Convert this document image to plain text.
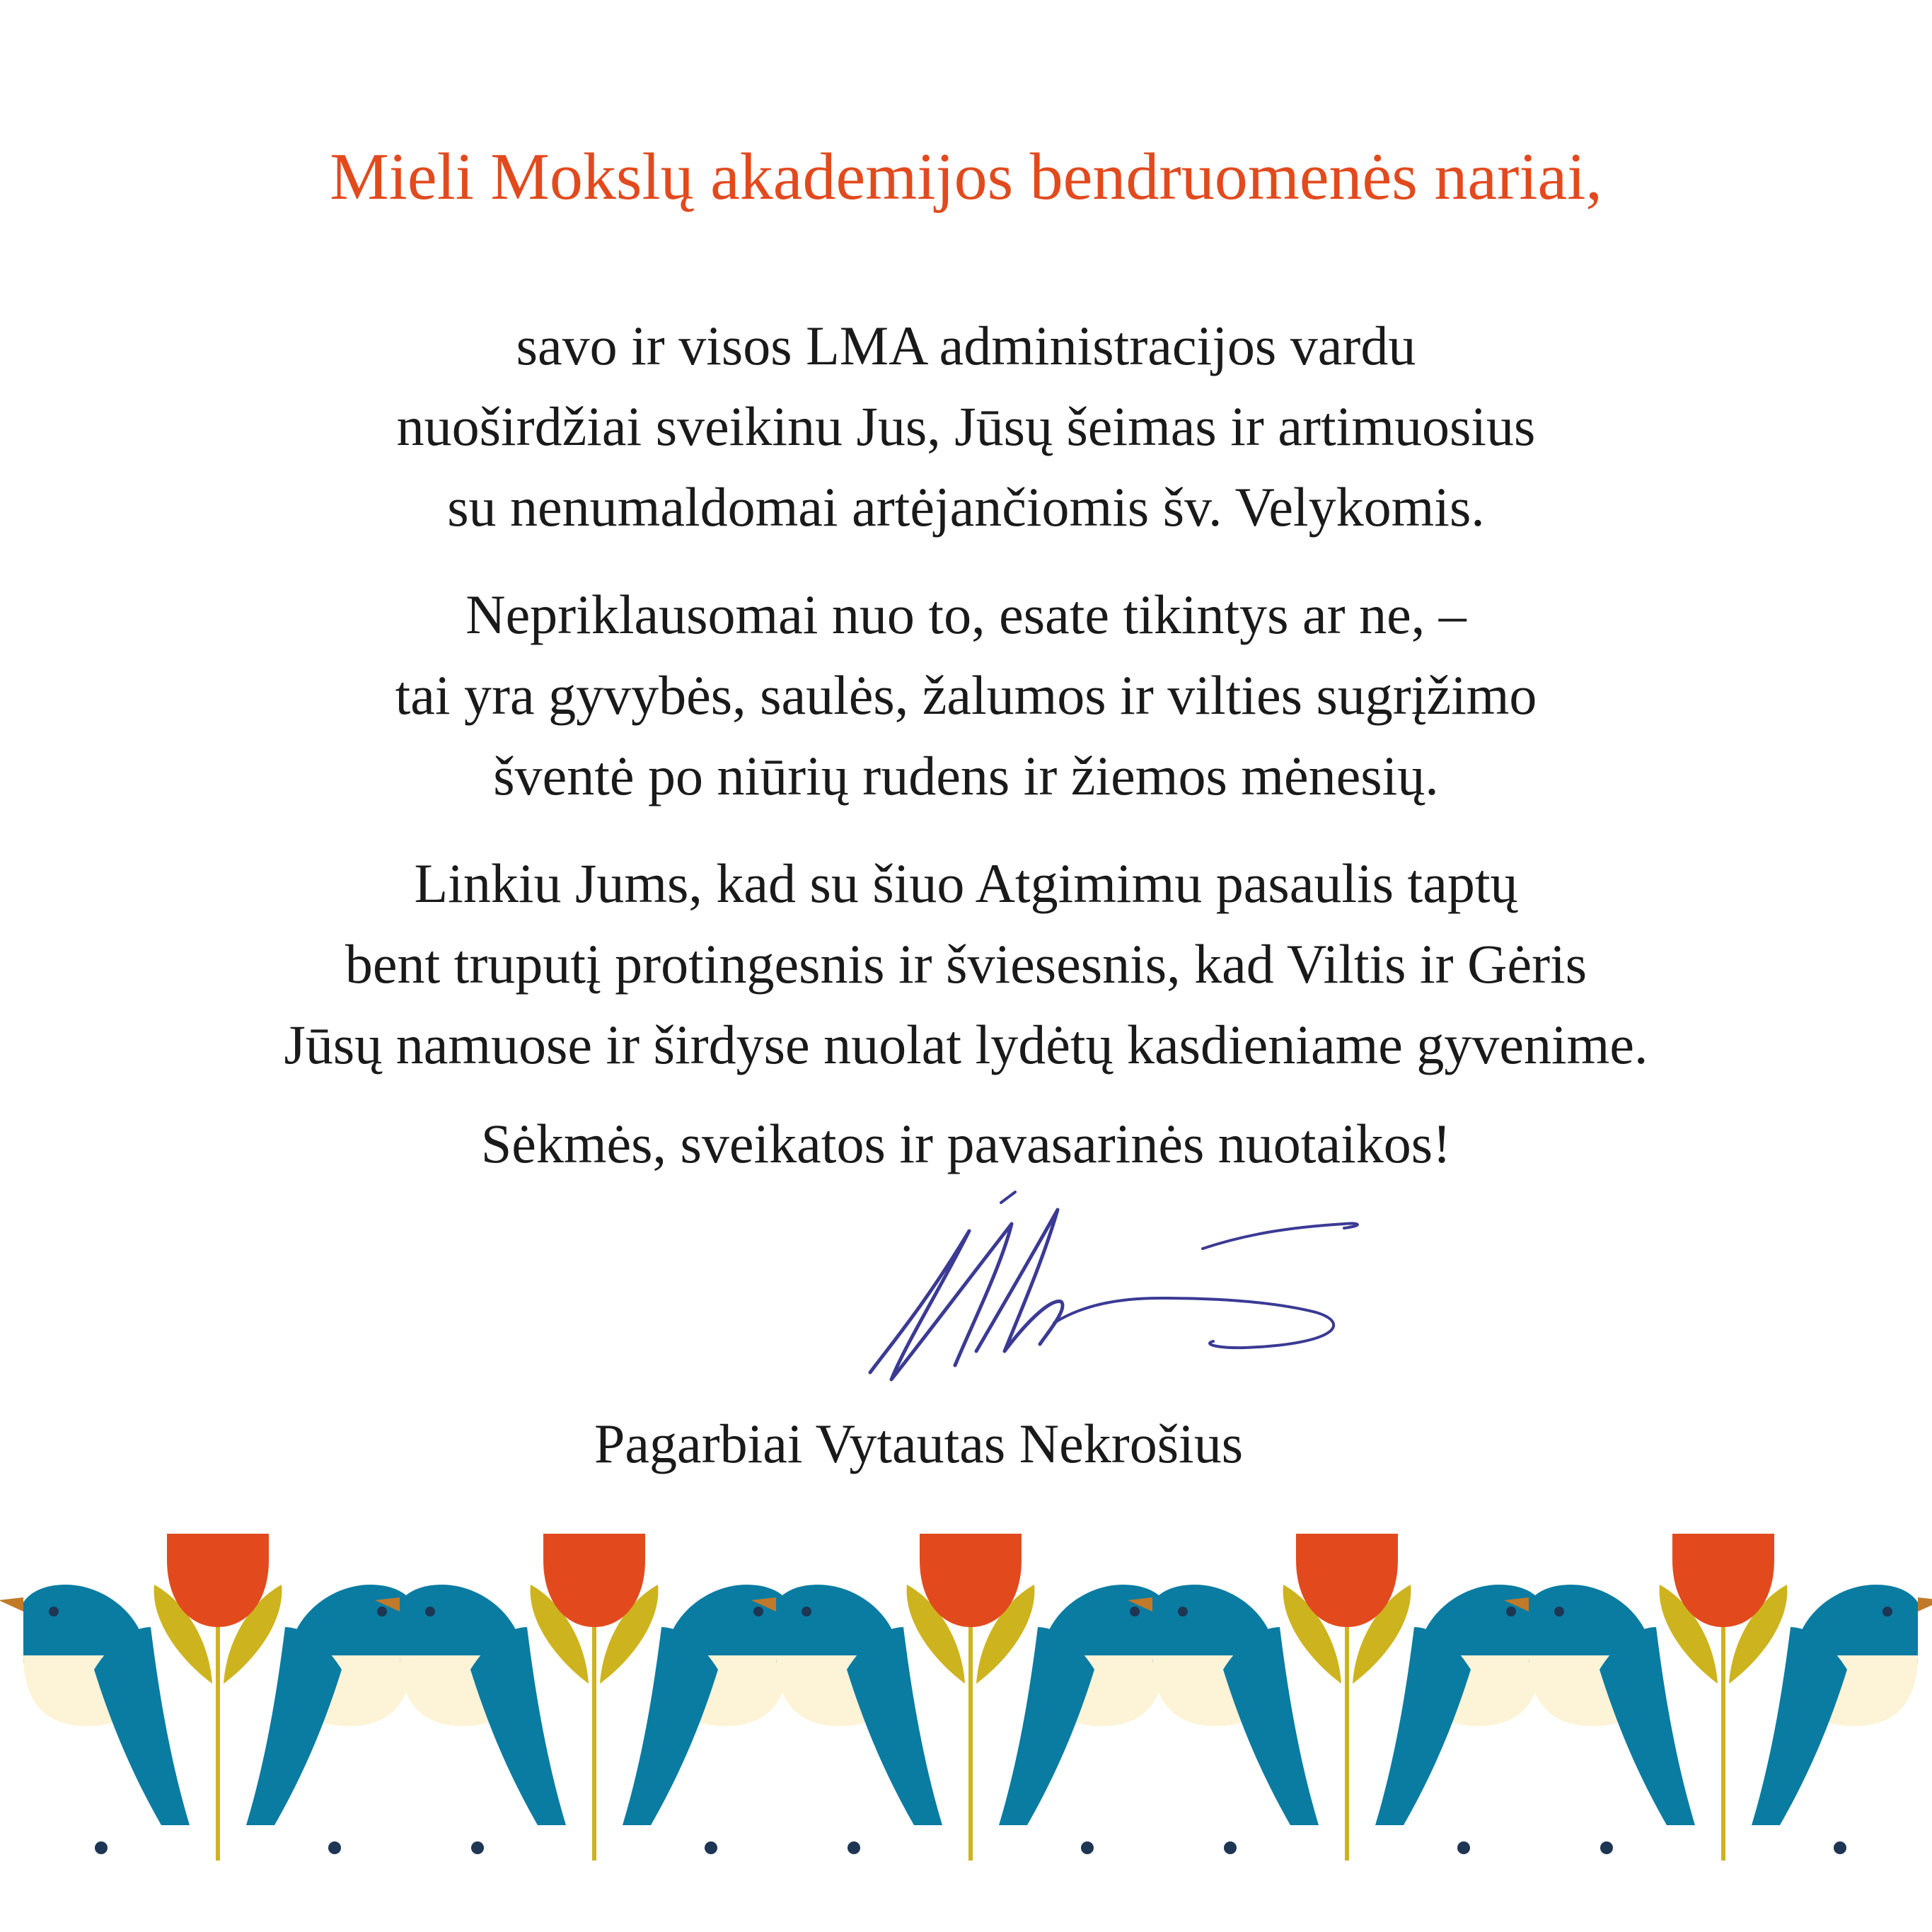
Mieli Mokslų akademijos bendruomenės nariai,

savo ir visos LMA administracijos vardu
nuoširdžiai sveikinu Jus, Jūsų šeimas ir artimuosius
su nenumaldomai artėjančiomis šv. Velykomis.

Nepriklausomai nuo to, esate tikintys ar ne, –
tai yra gyvybės, saulės, žalumos ir vilties sugrįžimo
šventė po niūrių rudens ir žiemos mėnesių.

Linkiu Jums, kad su šiuo Atgimimu pasaulis taptų
bent truputį protingesnis ir šviesesnis, kad Viltis ir Gėris
Jūsų namuose ir širdyse nuolat lydėtų kasdieniame gyvenime.

Sėkmės, sveikatos ir pavasarinės nuotaikos!

Pagarbiai Vytautas Nekrošius
